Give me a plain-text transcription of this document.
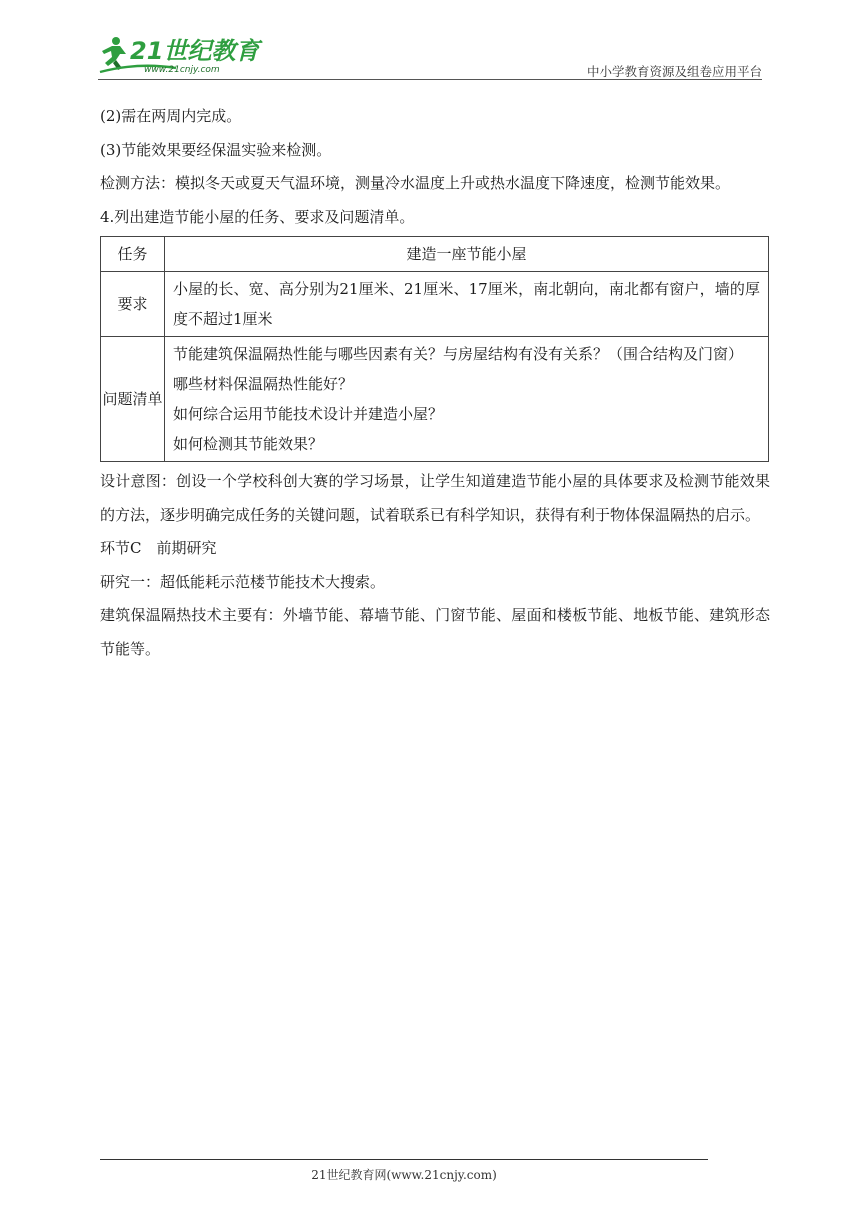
21世纪教育
www.21cnjy.com	中小学教育资源及组卷应用平台

(2)需在两周内完成。

(3)节能效果要经保温实验来检测。

检测方法：模拟冬天或夏天气温环境，测量冷水温度上升或热水温度下降速度，检测节能效果。

4.列出建造节能小屋的任务、要求及问题清单。

任务	建造一座节能小屋
要求	小屋的长、宽、高分别为21厘米、21厘米、17厘米，南北朝向，南北都有窗户，墙的厚度不超过1厘米
问题清单	节能建筑保温隔热性能与哪些因素有关？与房屋结构有没有关系？（围合结构及门窗）
哪些材料保温隔热性能好？
如何综合运用节能技术设计并建造小屋？
如何检测其节能效果？

设计意图：创设一个学校科创大赛的学习场景，让学生知道建造节能小屋的具体要求及检测节能效果的方法，逐步明确完成任务的关键问题，试着联系已有科学知识，获得有利于物体保温隔热的启示。

环节C　前期研究

研究一：超低能耗示范楼节能技术大搜索。

建筑保温隔热技术主要有：外墙节能、幕墙节能、门窗节能、屋面和楼板节能、地板节能、建筑形态节能等。

21世纪教育网(www.21cnjy.com)
